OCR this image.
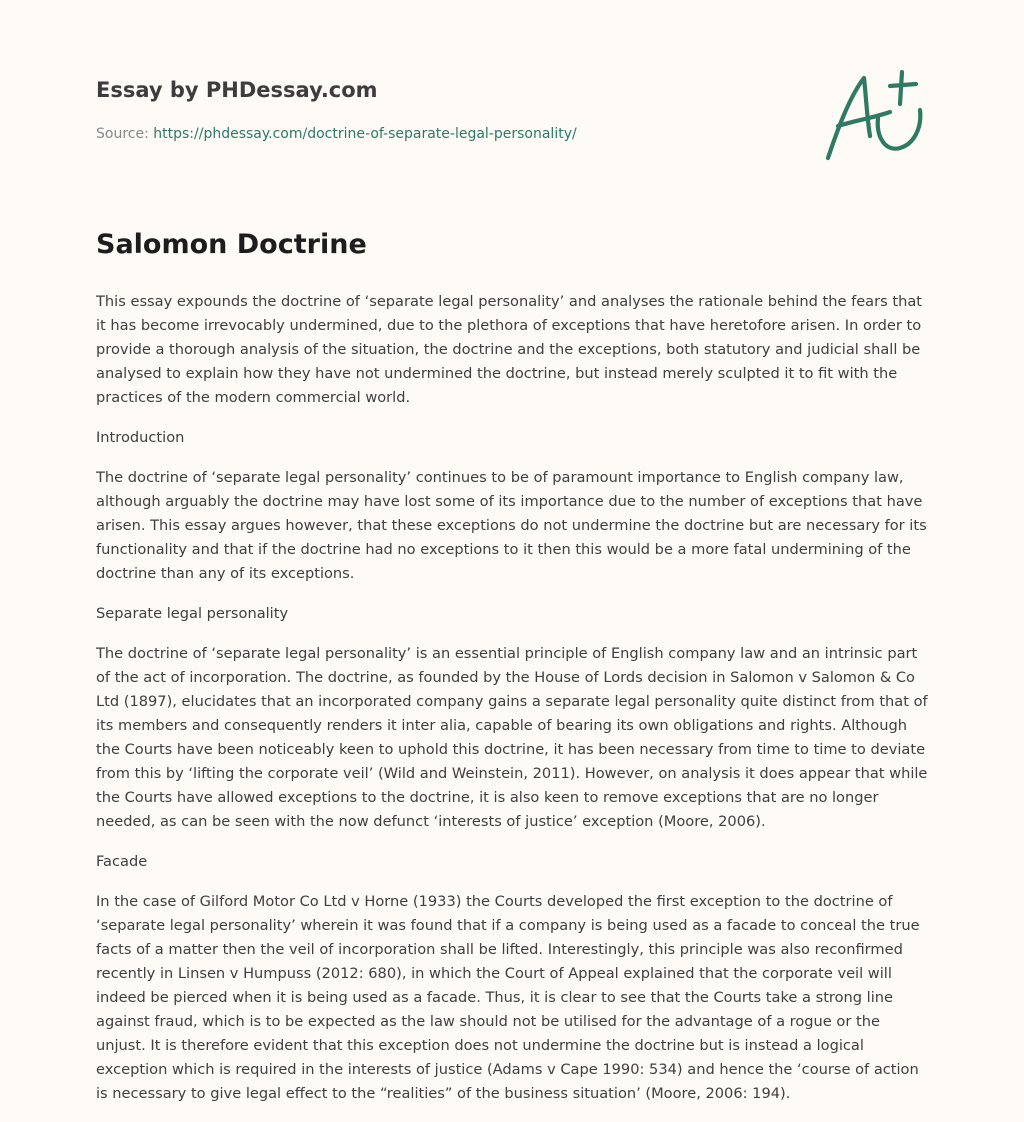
Essay by PHDessay.com
Source: https://phdessay.com/doctrine-of-separate-legal-personality/
Salomon Doctrine

This essay expounds the doctrine of ‘separate legal personality’ and analyses the rationale behind the fears that it has become irrevocably undermined, due to the plethora of exceptions that have heretofore arisen. In order to provide a thorough analysis of the situation, the doctrine and the exceptions, both statutory and judicial shall be analysed to explain how they have not undermined the doctrine, but instead merely sculpted it to fit with the practices of the modern commercial world.

Introduction

The doctrine of ‘separate legal personality’ continues to be of paramount importance to English company law, although arguably the doctrine may have lost some of its importance due to the number of exceptions that have arisen. This essay argues however, that these exceptions do not undermine the doctrine but are necessary for its functionality and that if the doctrine had no exceptions to it then this would be a more fatal undermining of the doctrine than any of its exceptions.

Separate legal personality

The doctrine of ‘separate legal personality’ is an essential principle of English company law and an intrinsic part of the act of incorporation. The doctrine, as founded by the House of Lords decision in Salomon v Salomon & Co Ltd (1897), elucidates that an incorporated company gains a separate legal personality quite distinct from that of its members and consequently renders it inter alia, capable of bearing its own obligations and rights. Although the Courts have been noticeably keen to uphold this doctrine, it has been necessary from time to time to deviate from this by ‘lifting the corporate veil’ (Wild and Weinstein, 2011). However, on analysis it does appear that while the Courts have allowed exceptions to the doctrine, it is also keen to remove exceptions that are no longer needed, as can be seen with the now defunct ‘interests of justice’ exception (Moore, 2006).

Facade

In the case of Gilford Motor Co Ltd v Horne (1933) the Courts developed the first exception to the doctrine of ‘separate legal personality’ wherein it was found that if a company is being used as a facade to conceal the true facts of a matter then the veil of incorporation shall be lifted. Interestingly, this principle was also reconfirmed recently in Linsen v Humpuss (2012: 680), in which the Court of Appeal explained that the corporate veil will indeed be pierced when it is being used as a facade. Thus, it is clear to see that the Courts take a strong line against fraud, which is to be expected as the law should not be utilised for the advantage of a rogue or the unjust. It is therefore evident that this exception does not undermine the doctrine but is instead a logical exception which is required in the interests of justice (Adams v Cape 1990: 534) and hence the ‘course of action is necessary to give legal effect to the “realities” of the business situation’ (Moore, 2006: 194).
